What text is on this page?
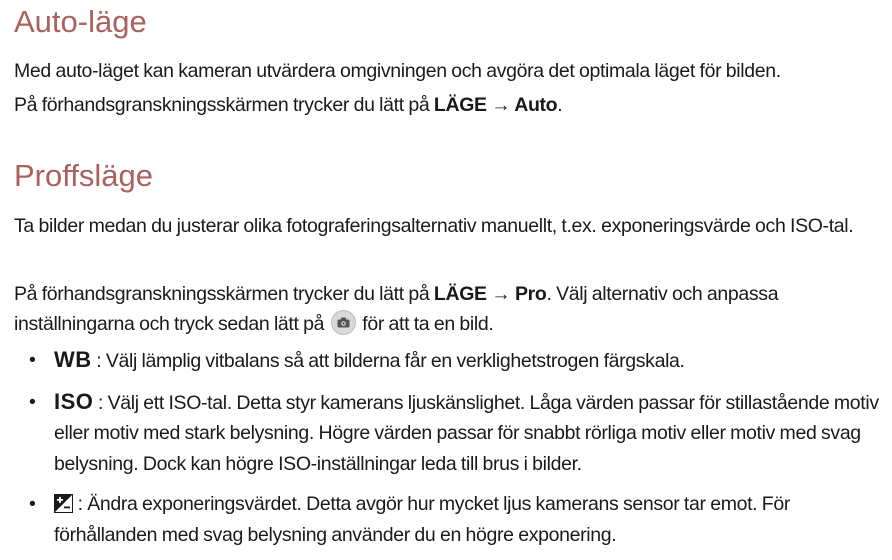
Auto-läge

Med auto-läget kan kameran utvärdera omgivningen och avgöra det optimala läget för bilden.

På förhandsgranskningsskärmen trycker du lätt på LÄGE → Auto.

Proffsläge

Ta bilder medan du justerar olika fotograferingsalternativ manuellt, t.ex. exponeringsvärde och ISO-tal.

På förhandsgranskningsskärmen trycker du lätt på LÄGE → Pro. Välj alternativ och anpassa
inställningarna och tryck sedan lätt på
för att ta en bild.

• WB : Välj lämplig vitbalans så att bilderna får en verklighetstrogen färgskala.
• ISO : Välj ett ISO-tal. Detta styr kamerans ljuskänslighet. Låga värden passar för stillastående motiv eller motiv med stark belysning. Högre värden passar för snabbt rörliga motiv eller motiv med svag belysning. Dock kan högre ISO-inställningar leda till brus i bilder.
• : Ändra exponeringsvärdet. Detta avgör hur mycket ljus kamerans sensor tar emot. För förhållanden med svag belysning använder du en högre exponering.
